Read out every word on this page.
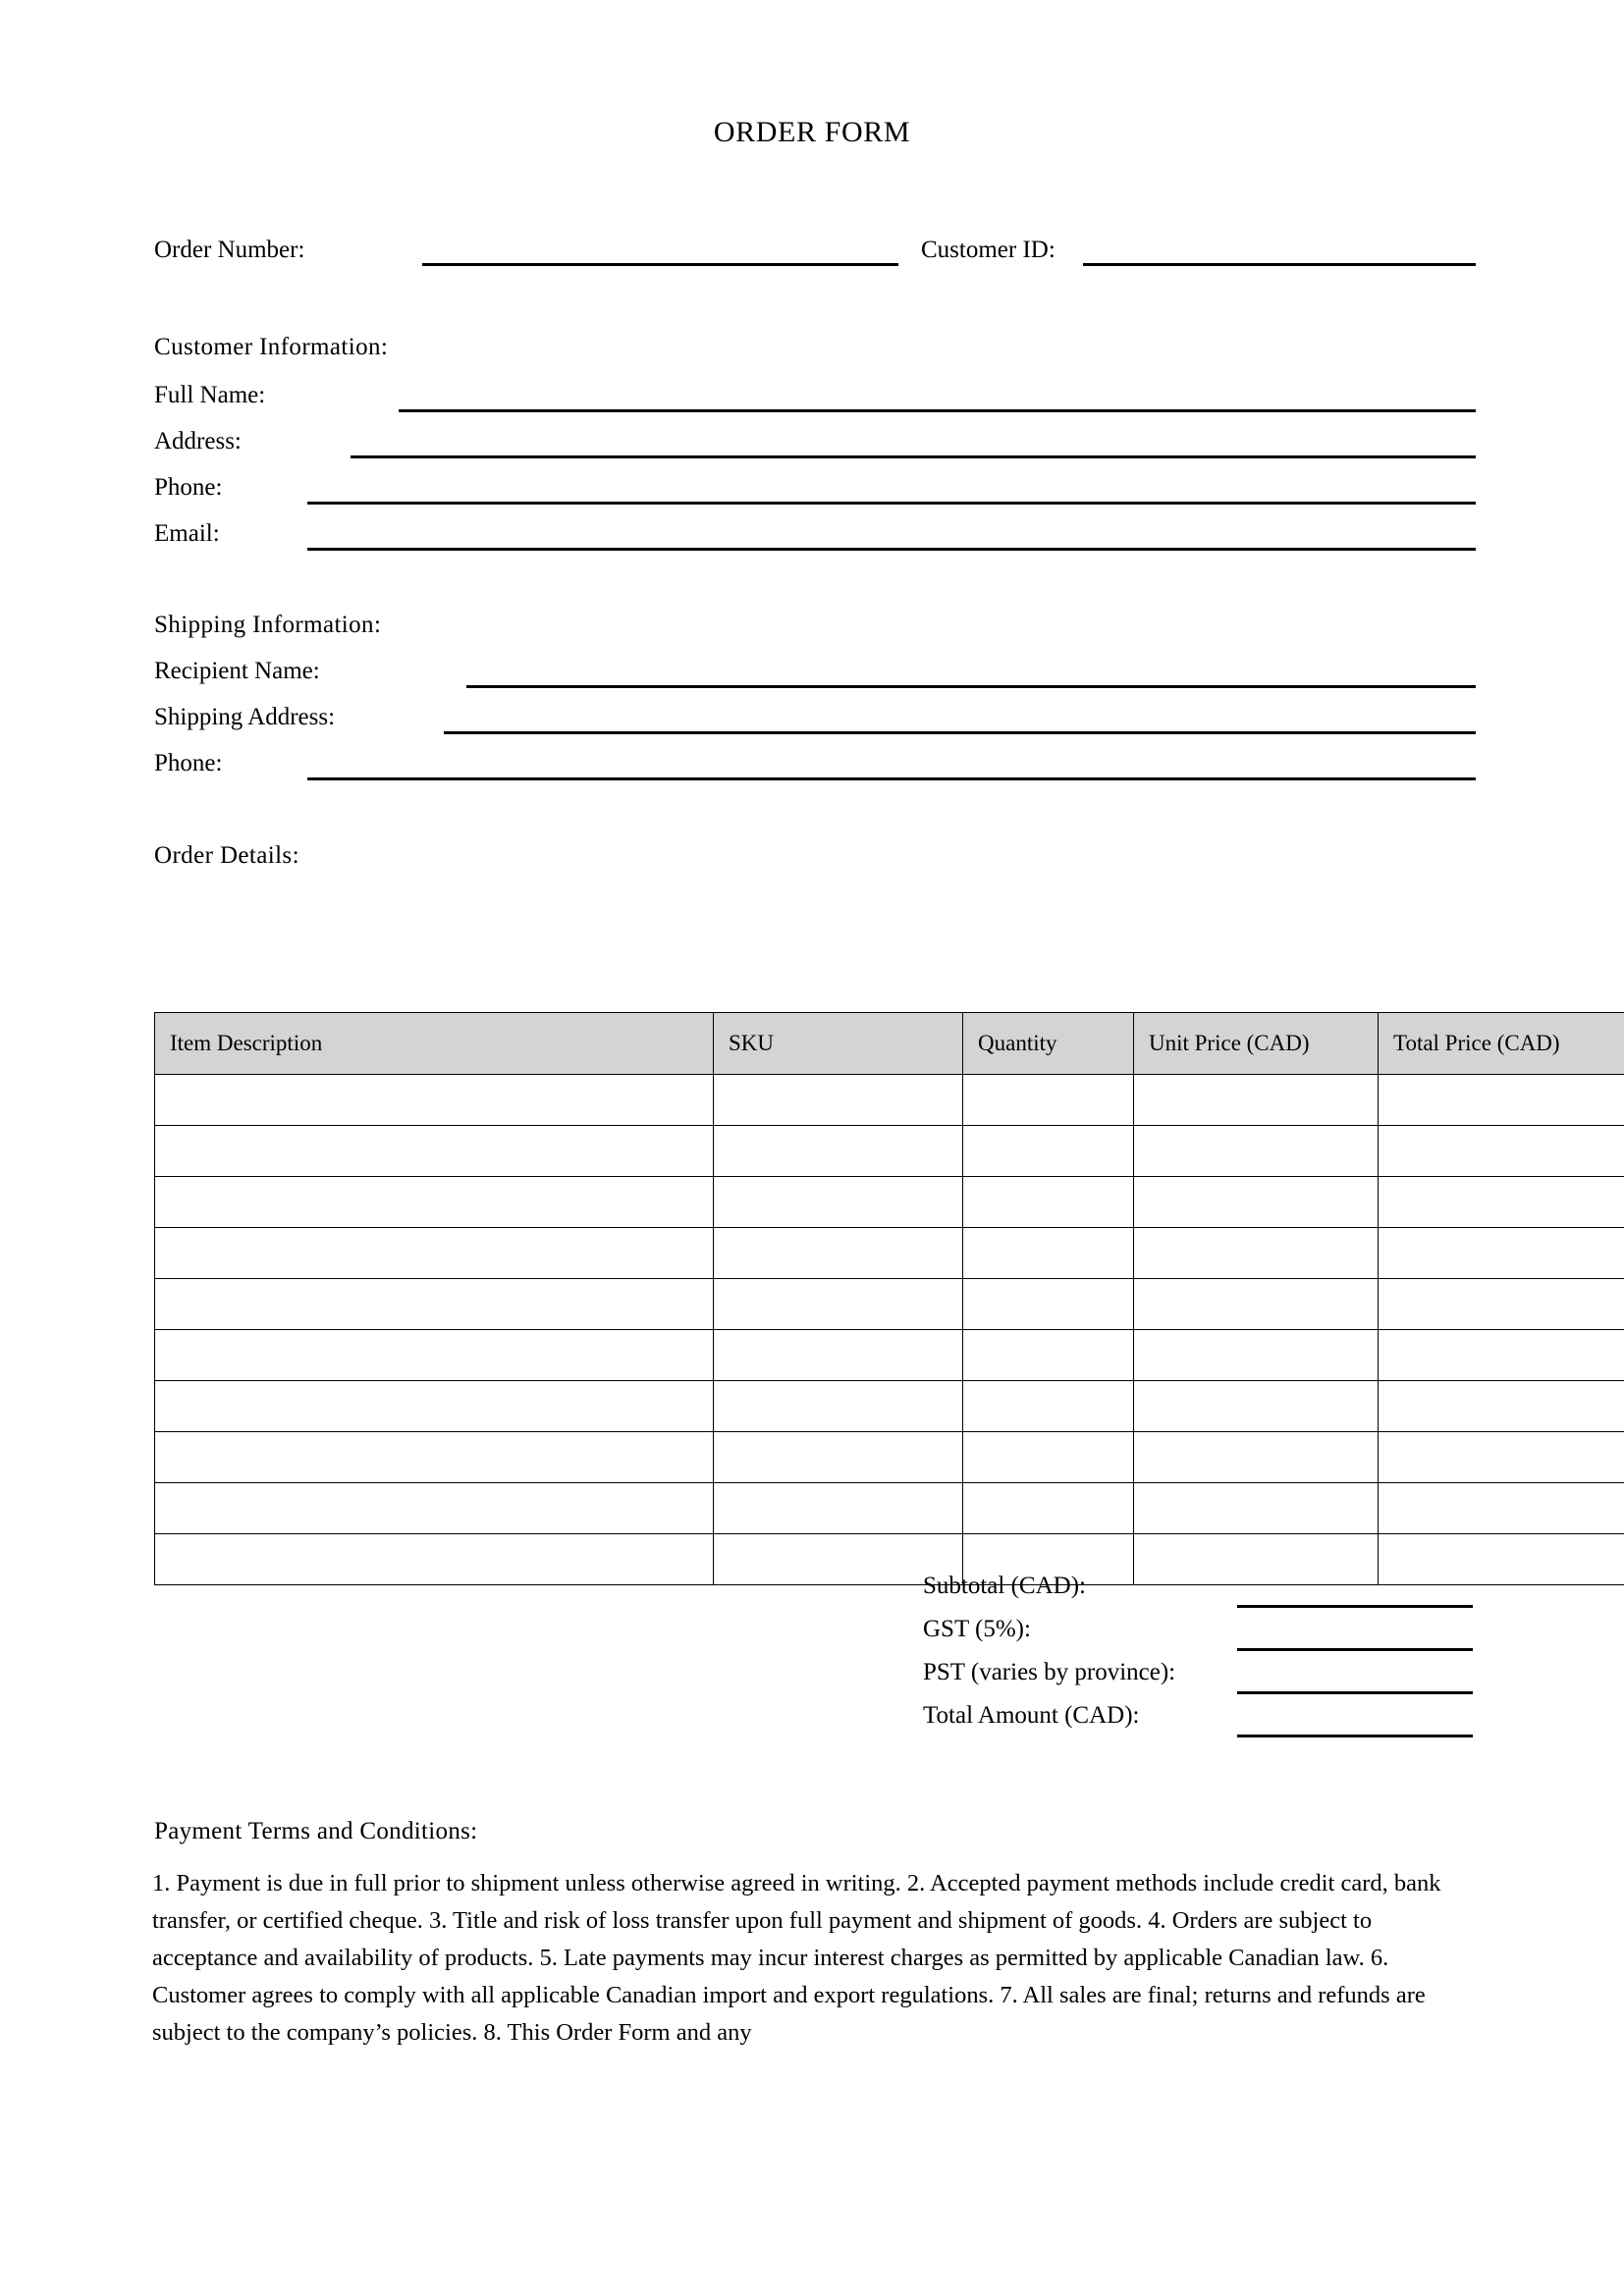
ORDER FORM
Order Number:	Customer ID:
Customer Information:
Full Name:
Address:
Phone:
Email:
Shipping Information:
Recipient Name:
Shipping Address:
Phone:
Order Details:
Item Description	SKU	Quantity	Unit Price (CAD)	Total Price (CAD)

Subtotal (CAD):
GST (5%):
PST (varies by province):
Total Amount (CAD):
Payment Terms and Conditions:
1. Payment is due in full prior to shipment unless otherwise agreed in writing. 2. Accepted payment methods include credit card, bank transfer, or certified cheque. 3. Title and risk of loss transfer upon full payment and shipment of goods. 4. Orders are subject to acceptance and availability of products. 5. Late payments may incur interest charges as permitted by applicable Canadian law. 6. Customer agrees to comply with all applicable Canadian import and export regulations. 7. All sales are final; returns and refunds are subject to the company’s policies. 8. This Order Form and any
